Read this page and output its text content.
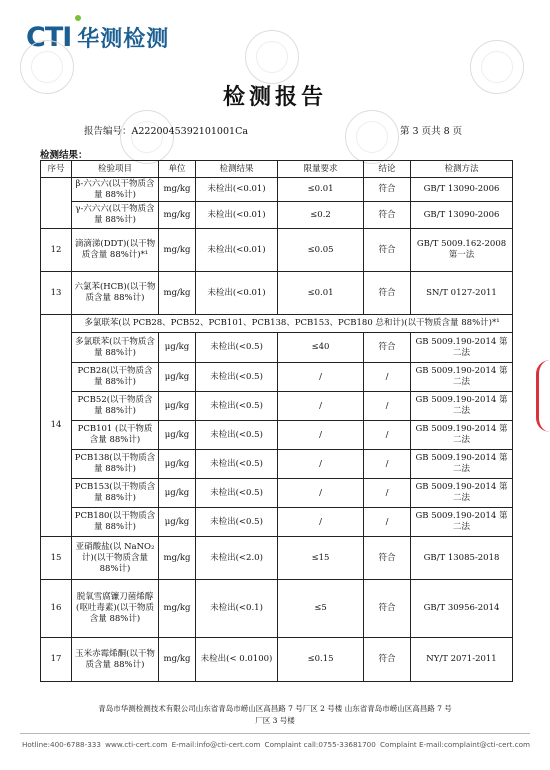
CTI 华测检测
检测报告
报告编号：A2220045392101001Ca	第 3 页共 8 页
检测结果：
序号	检验项目	单位	检测结果	限量要求	结论	检测方法
	β-六六六(以干物质含量 88%计)	mg/kg	未检出(<0.01)	≤0.01	符合	GB/T 13090-2006
	γ-六六六(以干物质含量 88%计)	mg/kg	未检出(<0.01)	≤0.2	符合	GB/T 13090-2006
12	滴滴涕(DDT)(以干物质含量 88%计)*¹	mg/kg	未检出(<0.01)	≤0.05	符合	GB/T 5009.162-2008 第一法
13	六氯苯(HCB)(以干物质含量 88%计)	mg/kg	未检出(<0.01)	≤0.01	符合	SN/T 0127-2011
14	多氯联苯(以 PCB28、PCB52、PCB101、PCB138、PCB153、PCB180 总和计)(以干物质含量 88%计)*¹					
	多氯联苯(以干物质含量 88%计)	μg/kg	未检出(<0.5)	≤40	符合	GB 5009.190-2014 第二法
	PCB28(以干物质含量 88%计)	μg/kg	未检出(<0.5)	/	/	GB 5009.190-2014 第二法
	PCB52(以干物质含量 88%计)	μg/kg	未检出(<0.5)	/	/	GB 5009.190-2014 第二法
	PCB101 (以干物质含量 88%计)	μg/kg	未检出(<0.5)	/	/	GB 5009.190-2014 第二法
	PCB138(以干物质含量 88%计)	μg/kg	未检出(<0.5)	/	/	GB 5009.190-2014 第二法
	PCB153(以干物质含量 88%计)	μg/kg	未检出(<0.5)	/	/	GB 5009.190-2014 第二法
	PCB180(以干物质含量 88%计)	μg/kg	未检出(<0.5)	/	/	GB 5009.190-2014 第二法
15	亚硝酸盐(以 NaNO₂计)(以干物质含量 88%计)	mg/kg	未检出(<2.0)	≤15	符合	GB/T 13085-2018
16	脱氧雪腐镰刀菌烯醇(呕吐毒素)(以干物质含量 88%计)	mg/kg	未检出(<0.1)	≤5	符合	GB/T 30956-2014
17	玉米赤霉烯酮(以干物质含量 88%计)	mg/kg	未检出(< 0.0100)	≤0.15	符合	NY/T 2071-2011
青岛市华测检测技术有限公司山东省青岛市崂山区高昌路 7 号厂区 2 号楼 山东省青岛市崂山区高昌路 7 号
厂区 3 号楼
Hotline:400-6788-333 www.cti-cert.com E-mail:info@cti-cert.com Complaint call:0755-33681700 Complaint E-mail:complaint@cti-cert.com
